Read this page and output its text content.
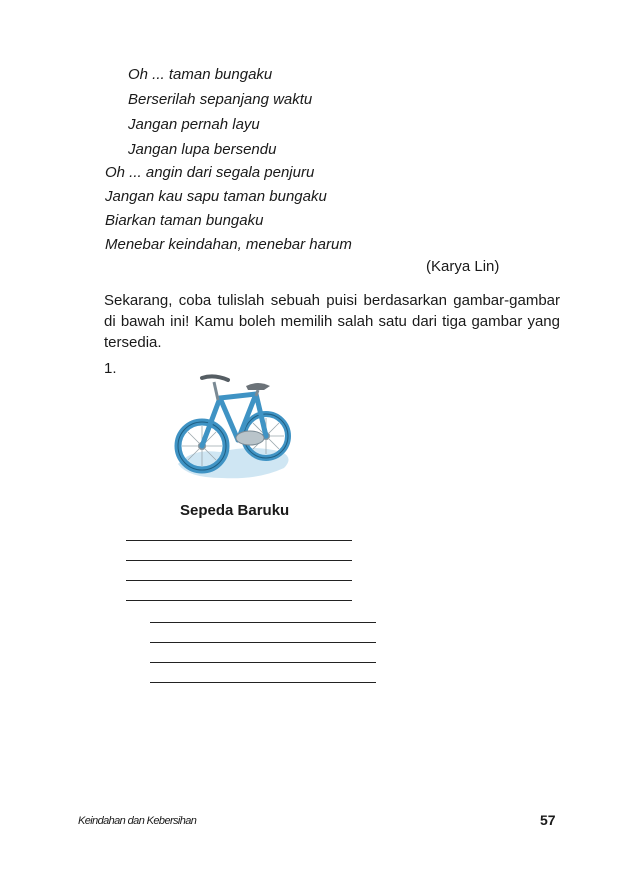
Oh ... taman bungaku
Berserilah sepanjang waktu
Jangan pernah layu
Jangan lupa bersendu
Oh ... angin dari segala penjuru
Jangan kau sapu taman bungaku
Biarkan taman bungaku
Menebar keindahan, menebar harum
(Karya Lin)
Sekarang, coba tulislah sebuah puisi berdasarkan gambar-gambar di bawah ini! Kamu boleh memilih salah satu dari tiga gambar yang tersedia.
1.
Sepeda Baruku
Keindahan dan Kebersihan	57
